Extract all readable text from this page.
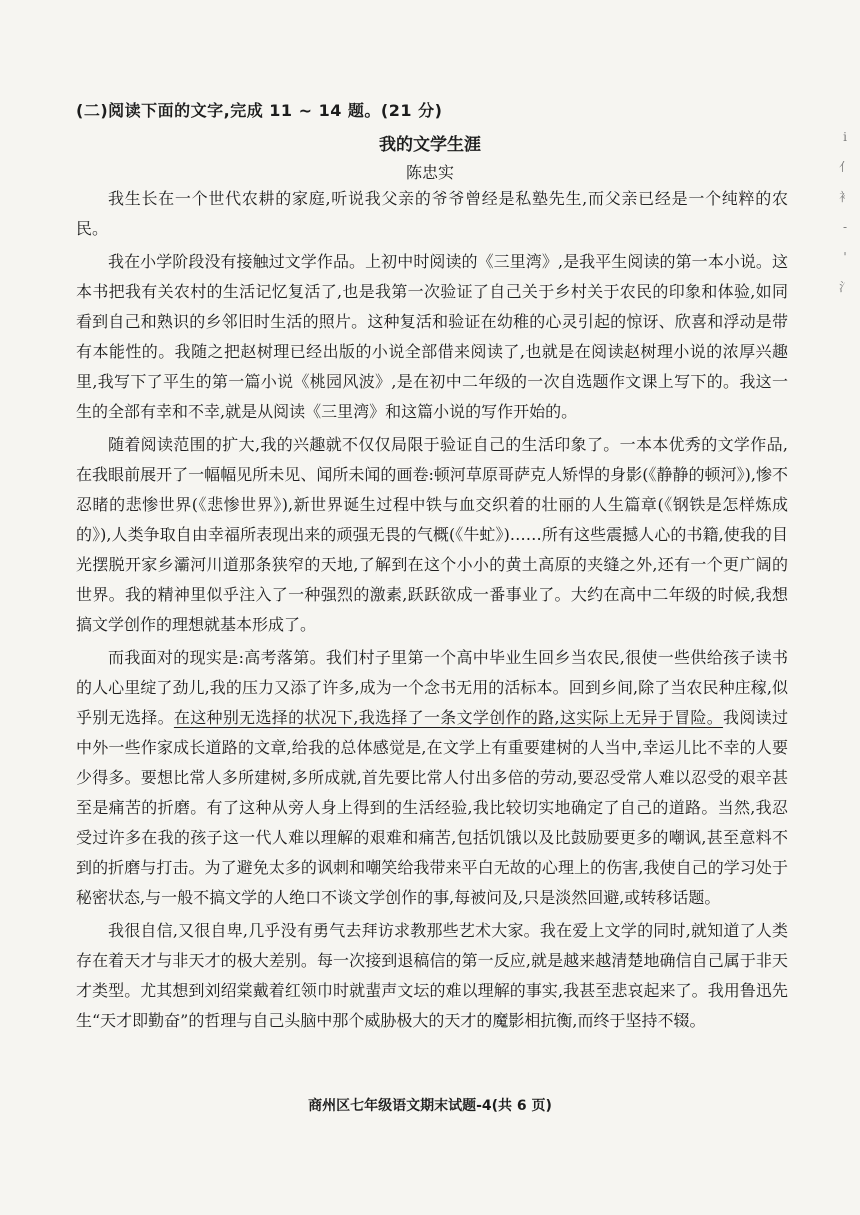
(二)阅读下面的文字,完成 11 ~ 14 题。(21 分)
我的文学生涯
陈忠实

我生长在一个世代农耕的家庭,听说我父亲的爷爷曾经是私塾先生,而父亲已经是一个纯粹的农民。

我在小学阶段没有接触过文学作品。上初中时阅读的《三里湾》,是我平生阅读的第一本小说。这本书把我有关农村的生活记忆复活了,也是我第一次验证了自己关于乡村关于农民的印象和体验,如同看到自己和熟识的乡邻旧时生活的照片。这种复活和验证在幼稚的心灵引起的惊讶、欣喜和浮动是带有本能性的。我随之把赵树理已经出版的小说全部借来阅读了,也就是在阅读赵树理小说的浓厚兴趣里,我写下了平生的第一篇小说《桃园风波》,是在初中二年级的一次自选题作文课上写下的。我这一生的全部有幸和不幸,就是从阅读《三里湾》和这篇小说的写作开始的。

随着阅读范围的扩大,我的兴趣就不仅仅局限于验证自己的生活印象了。一本本优秀的文学作品,在我眼前展开了一幅幅见所未见、闻所未闻的画卷:顿河草原哥萨克人矫悍的身影(《静静的顿河》),惨不忍睹的悲惨世界(《悲惨世界》),新世界诞生过程中铁与血交织着的壮丽的人生篇章(《钢铁是怎样炼成的》),人类争取自由幸福所表现出来的顽强无畏的气概(《牛虻》)……所有这些震撼人心的书籍,使我的目光摆脱开家乡灞河川道那条狭窄的天地,了解到在这个小小的黄土高原的夹缝之外,还有一个更广阔的世界。我的精神里似乎注入了一种强烈的激素,跃跃欲成一番事业了。大约在高中二年级的时候,我想搞文学创作的理想就基本形成了。

而我面对的现实是:高考落第。我们村子里第一个高中毕业生回乡当农民,很使一些供给孩子读书的人心里绽了劲儿,我的压力又添了许多,成为一个念书无用的活标本。回到乡间,除了当农民种庄稼,似乎别无选择。在这种别无选择的状况下,我选择了一条文学创作的路,这实际上无异于冒险。我阅读过中外一些作家成长道路的文章,给我的总体感觉是,在文学上有重要建树的人当中,幸运儿比不幸的人要少得多。要想比常人多所建树,多所成就,首先要比常人付出多倍的劳动,要忍受常人难以忍受的艰辛甚至是痛苦的折磨。有了这种从旁人身上得到的生活经验,我比较切实地确定了自己的道路。当然,我忍受过许多在我的孩子这一代人难以理解的艰难和痛苦,包括饥饿以及比鼓励要更多的嘲讽,甚至意料不到的折磨与打击。为了避免太多的讽刺和嘲笑给我带来平白无故的心理上的伤害,我使自己的学习处于秘密状态,与一般不搞文学的人绝口不谈文学创作的事,每被问及,只是淡然回避,或转移话题。

我很自信,又很自卑,几乎没有勇气去拜访求教那些艺术大家。我在爱上文学的同时,就知道了人类存在着天才与非天才的极大差别。每一次接到退稿信的第一反应,就是越来越清楚地确信自己属于非天才类型。尤其想到刘绍棠戴着红领巾时就蜚声文坛的难以理解的事实,我甚至悲哀起来了。我用鲁迅先生“天才即勤奋”的哲理与自己头脑中那个威胁极大的天才的魔影相抗衡,而终于坚持不辍。

商州区七年级语文期末试题-4(共 6 页)
i
亻
衤
-
'
氵
